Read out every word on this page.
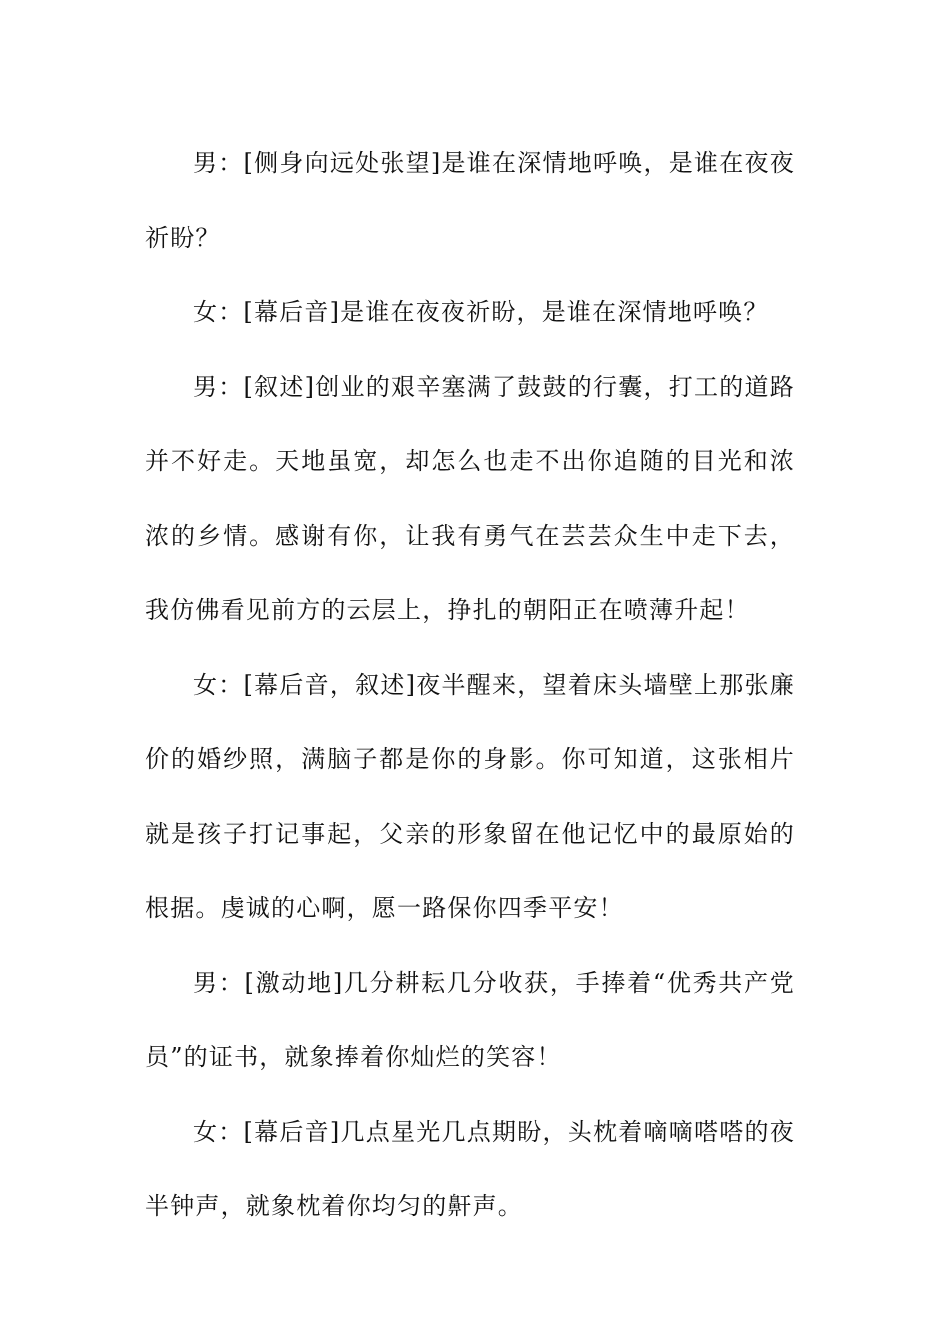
男：[侧身向远处张望]是谁在深情地呼唤，是谁在夜夜祈盼？

女：[幕后音]是谁在夜夜祈盼，是谁在深情地呼唤？

男：[叙述]创业的艰辛塞满了鼓鼓的行囊，打工的道路并不好走。天地虽宽，却怎么也走不出你追随的目光和浓浓的乡情。感谢有你，让我有勇气在芸芸众生中走下去，我仿佛看见前方的云层上，挣扎的朝阳正在喷薄升起！

女：[幕后音，叙述]夜半醒来，望着床头墙壁上那张廉价的婚纱照，满脑子都是你的身影。你可知道，这张相片就是孩子打记事起，父亲的形象留在他记忆中的最原始的根据。虔诚的心啊，愿一路保你四季平安！

男：[激动地]几分耕耘几分收获，手捧着“优秀共产党员”的证书，就象捧着你灿烂的笑容！

女：[幕后音]几点星光几点期盼，头枕着嘀嘀嗒嗒的夜半钟声，就象枕着你均匀的鼾声。
